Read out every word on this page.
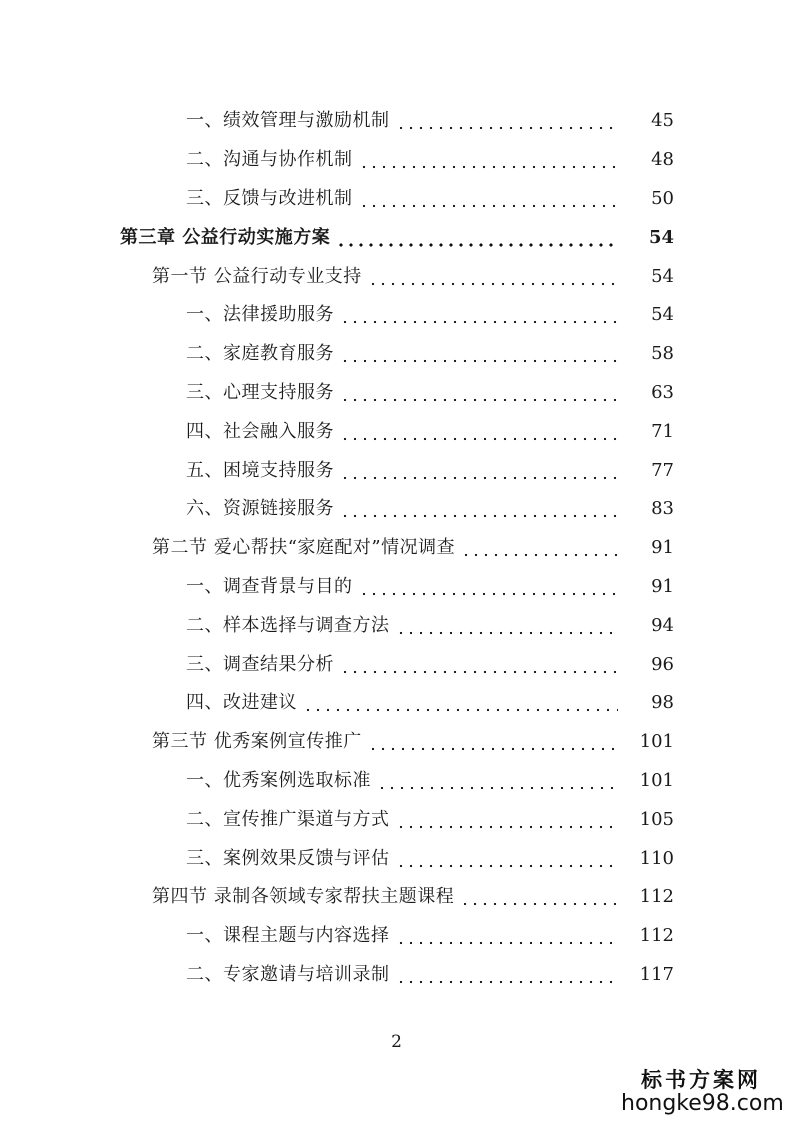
一、绩效管理与激励机制	45
二、沟通与协作机制	48
三、反馈与改进机制	50
第三章 公益行动实施方案	54
第一节 公益行动专业支持	54
一、法律援助服务	54
二、家庭教育服务	58
三、心理支持服务	63
四、社会融入服务	71
五、困境支持服务	77
六、资源链接服务	83
第二节 爱心帮扶“家庭配对”情况调查	91
一、调查背景与目的	91
二、样本选择与调查方法	94
三、调查结果分析	96
四、改进建议	98
第三节 优秀案例宣传推广	101
一、优秀案例选取标准	101
二、宣传推广渠道与方式	105
三、案例效果反馈与评估	110
第四节 录制各领域专家帮扶主题课程	112
一、课程主题与内容选择	112
二、专家邀请与培训录制	117
2
标书方案网
hongke98.com
